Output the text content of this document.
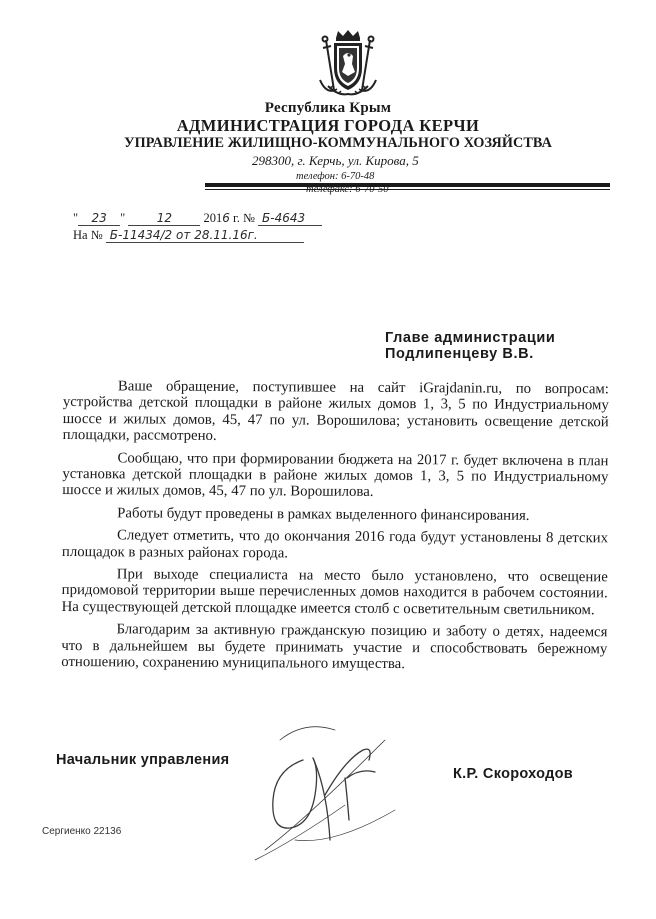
Республика Крым
АДМИНИСТРАЦИЯ ГОРОДА КЕРЧИ
УПРАВЛЕНИЕ ЖИЛИЩНО-КОММУНАЛЬНОГО ХОЗЯЙСТВА
298300, г. Керчь, ул. Кирова, 5
телефон: 6-70-48
телефакс: 6-70-50
" 23 "	12	2016 г. № Б-4643
На № Б-11434/2 от 28.11.16г.
Главе администрации
Подлипенцеву В.В.

Ваше обращение, поступившее на сайт iGrajdanin.ru, по вопросам: устройства детской площадки в районе жилых домов 1, 3, 5 по Индустриальному шоссе и жилых домов, 45, 47 по ул. Ворошилова; установить освещение детской площадки, рассмотрено.

Сообщаю, что при формировании бюджета на 2017 г. будет включена в план установка детской площадки в районе жилых домов 1, 3, 5 по Индустриальному шоссе и жилых домов, 45, 47 по ул. Ворошилова.

Работы будут проведены в рамках выделенного финансирования.

Следует отметить, что до окончания 2016 года будут установлены 8 детских площадок в разных районах города.

При выходе специалиста на место было установлено, что освещение придомовой территории выше перечисленных домов находится в рабочем состоянии. На существующей детской площадке имеется столб с осветительным светильником.

Благодарим за активную гражданскую позицию и заботу о детях, надеемся что в дальнейшем вы будете принимать участие и способствовать бережному отношению, сохранению муниципального имущества.

Начальник управления
К.Р. Скороходов
Сергиенко 22136
